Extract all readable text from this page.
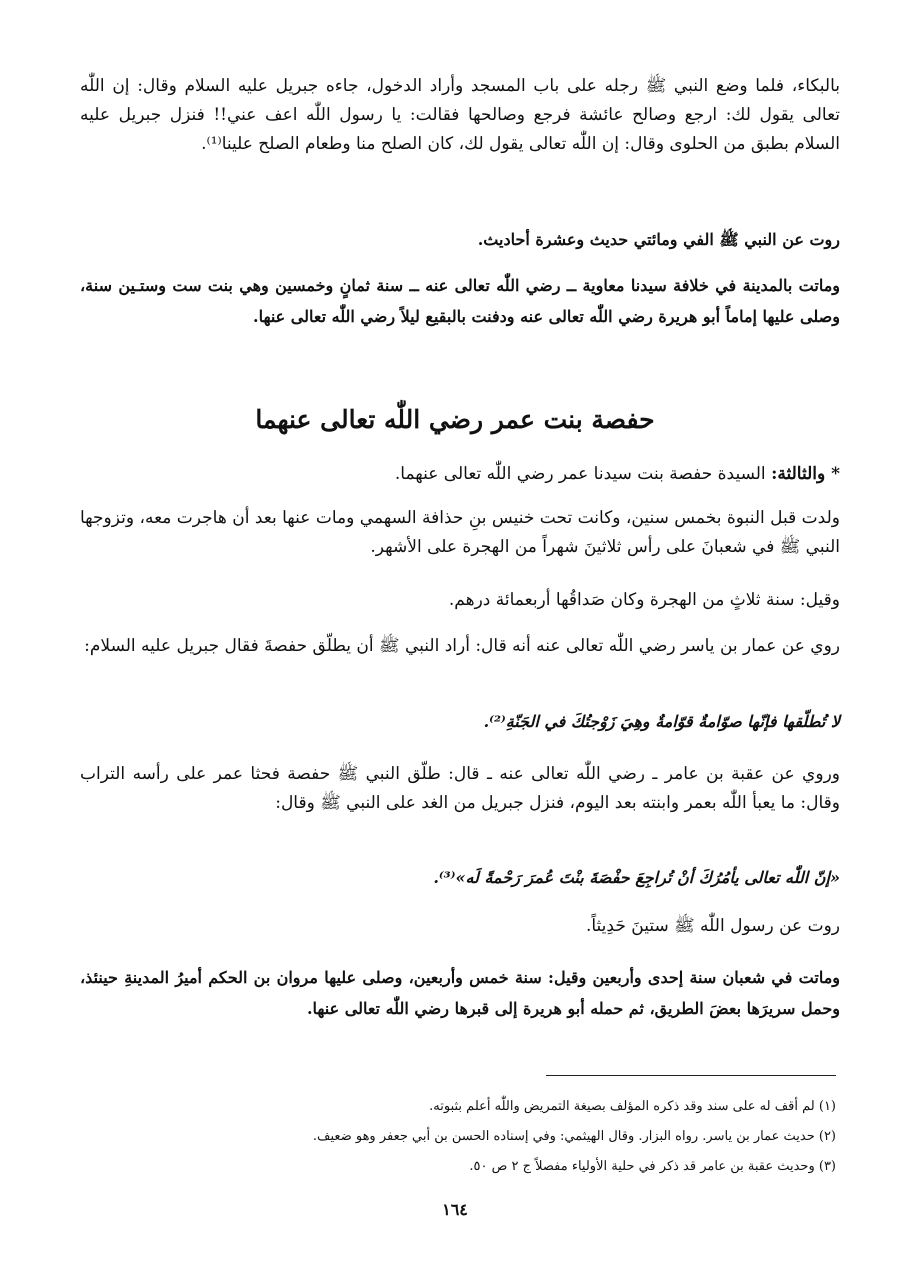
بالبكاء، فلما وضع النبي ﷺ رجله على باب المسجد وأراد الدخول، جاءه جبريل عليه السلام وقال: إن اللّٰه تعالى يقول لك: ارجع وصالح عائشة فرجع وصالحها فقالت: يا رسول اللّٰه اعف عني!! فنزل جبريل عليه السلام بطبق من الحلوى وقال: إن اللّٰه تعالى يقول لك، كان الصلح منا وطعام الصلح علينا⁽¹⁾.

روت عن النبي ﷺ الفي ومائتي حديث وعشرة أحاديث.

وماتت بالمدينة في خلافة سيدنا معاوية ــ رضي اللّٰه تعالى عنه ــ سنة ثمانٍ وخمسين وهي بنت ست وستـين سنة، وصلى عليها إماماً أبو هريرة رضي اللّٰه تعالى عنه ودفنت بالبقيع ليلاً رضي اللّٰه تعالى عنها.

حفصة بنت عمر رضي اللّٰه تعالى عنهما

* والثالثة: السيدة حفصة بنت سيدنا عمر رضي اللّٰه تعالى عنهما.

ولدت قبل النبوة بخمس سنين، وكانت تحت خنيس بنِ حذافة السهمي ومات عنها بعد أن هاجرت معه، وتزوجها النبي ﷺ في شعبانَ على رأس ثلاثينَ شهراً من الهجرة على الأشهر.

وقيل: سنة ثلاثٍ من الهجرة وكان صَداقُها أربعمائة درهم.

روي عن عمار بن ياسر رضي اللّٰه تعالى عنه أنه قال: أراد النبي ﷺ أن يطلّق حفصةَ فقال جبريل عليه السلام:

لا تُطلّقها فإنّها صوّامةٌ قوّامةٌ وهِيَ زَوْجتُكَ في الجَنّةِ⁽²⁾.

وروي عن عقبة بن عامر ـ رضي اللّٰه تعالى عنه ـ قال: طلّق النبي ﷺ حفصة فحثا عمر على رأسه التراب وقال: ما يعبأ اللّٰه بعمر وابنته بعد اليوم، فنزل جبريل من الغد على النبي ﷺ وقال:

«إنّ اللّٰه تعالى يأمُرُكَ أنْ تُراجِعَ حفْصَةَ بنْتَ عُمرَ رَحْمةً لَه»⁽³⁾.

روت عن رسول اللّٰه ﷺ ستينَ حَدِيثاً.

وماتت في شعبان سنة إحدى وأربعين وقيل: سنة خمس وأربعين، وصلى عليها مروان بن الحكم أميرُ المدينةِ حينئذ، وحمل سريرَها بعضَ الطريق، ثم حمله أبو هريرة إلى قبرها رضي اللّٰه تعالى عنها.

(١) لم أقف له على سند وقد ذكره المؤلف بصيغة التمريض واللّٰه أعلم بثبوته.
(٢) حديث عمار بن ياسر. رواه البزار. وقال الهيثمي: وفي إسناده الحسن بن أبي جعفر وهو ضعيف.
(٣) وحديث عقبة بن عامر قد ذكر في حلية الأولياء مفصلاً ج ٢ ص ٥٠.
١٦٤
